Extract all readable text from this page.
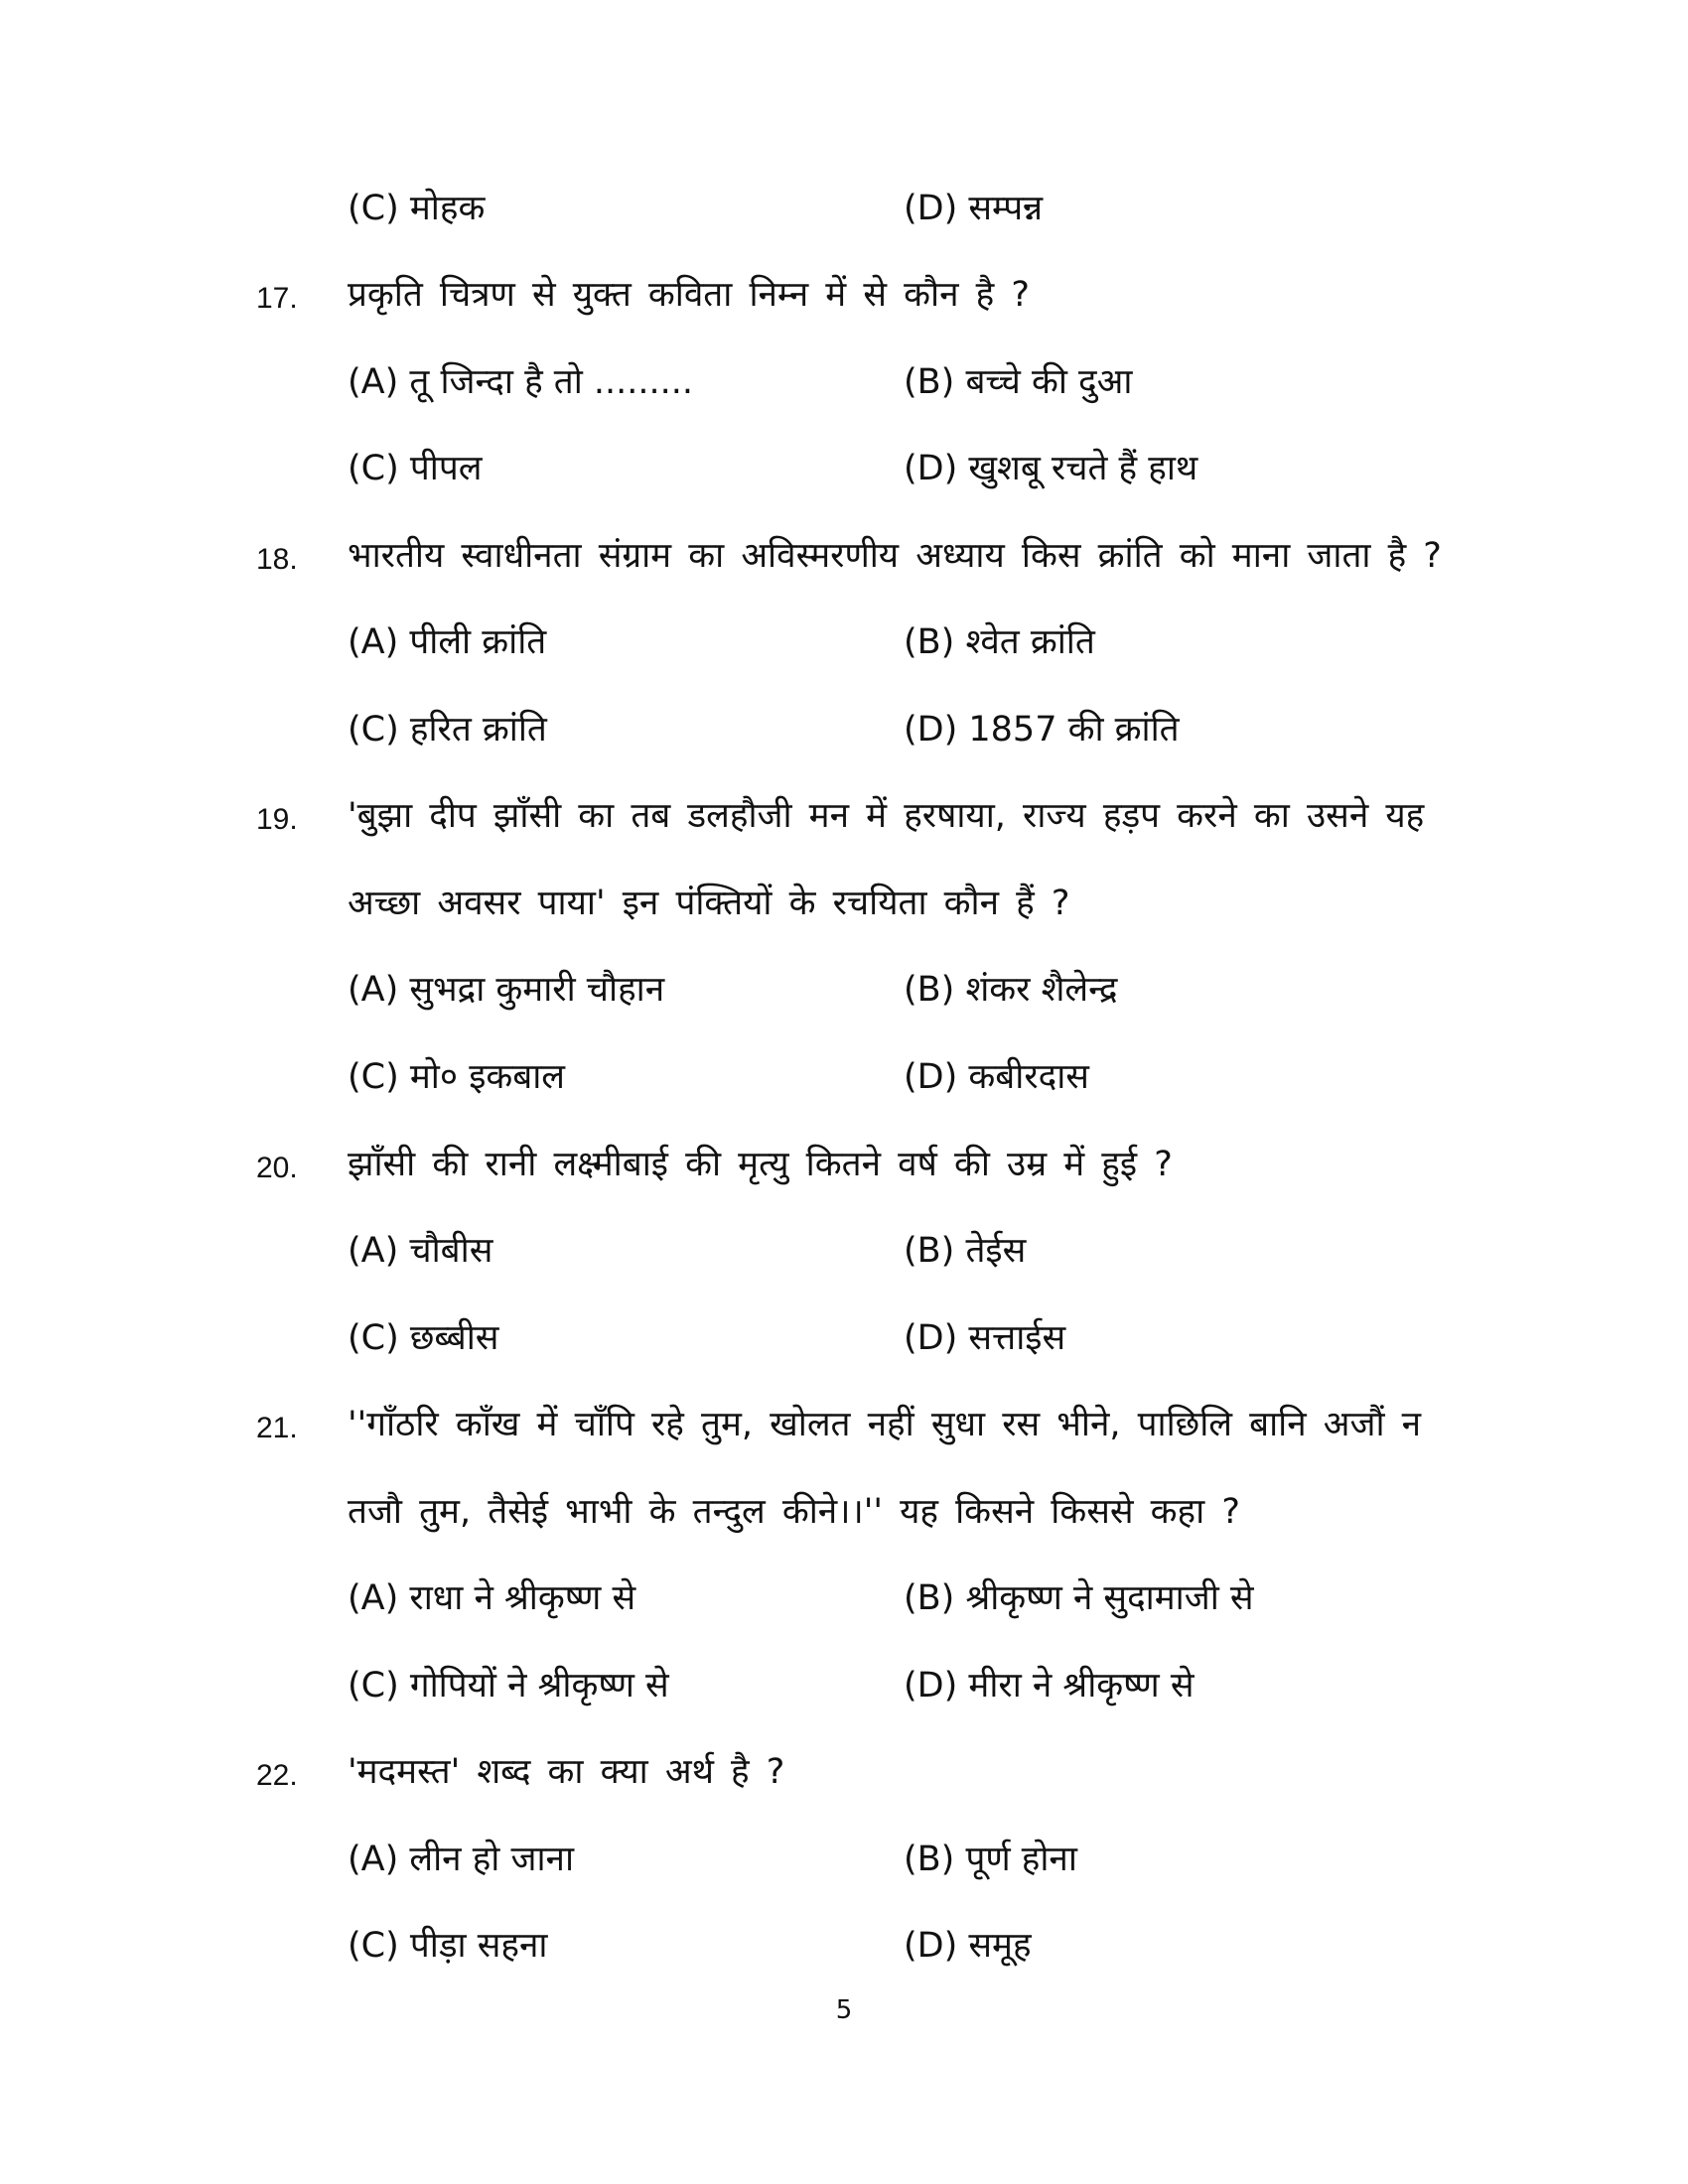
(C) मोहक	(D) सम्पन्न
17. प्रकृति चित्रण से युक्त कविता निम्न में से कौन है ?
(A) तू जिन्दा है तो .........	(B) बच्चे की दुआ
(C) पीपल	(D) खुशबू रचते हैं हाथ
18. भारतीय स्वाधीनता संग्राम का अविस्मरणीय अध्याय किस क्रांति को माना जाता है ?
(A) पीली क्रांति	(B) श्वेत क्रांति
(C) हरित क्रांति	(D) 1857 की क्रांति
19. 'बुझा दीप झाँसी का तब डलहौजी मन में हरषाया, राज्य हड़प करने का उसने यह
अच्छा अवसर पाया' इन पंक्तियों के रचयिता कौन हैं ?
(A) सुभद्रा कुमारी चौहान	(B) शंकर शैलेन्द्र
(C) मो० इकबाल	(D) कबीरदास
20. झाँसी की रानी लक्ष्मीबाई की मृत्यु कितने वर्ष की उम्र में हुई ?
(A) चौबीस	(B) तेईस
(C) छब्बीस	(D) सत्ताईस
21. ''गाँठरि काँख में चाँपि रहे तुम, खोलत नहीं सुधा रस भीने, पाछिलि बानि अजौं न
तजौ तुम, तैसेई भाभी के तन्दुल कीने।।'' यह किसने किससे कहा ?
(A) राधा ने श्रीकृष्ण से	(B) श्रीकृष्ण ने सुदामाजी से
(C) गोपियों ने श्रीकृष्ण से	(D) मीरा ने श्रीकृष्ण से
22. 'मदमस्त' शब्द का क्या अर्थ है ?
(A) लीन हो जाना	(B) पूर्ण होना
(C) पीड़ा सहना	(D) समूह
5
